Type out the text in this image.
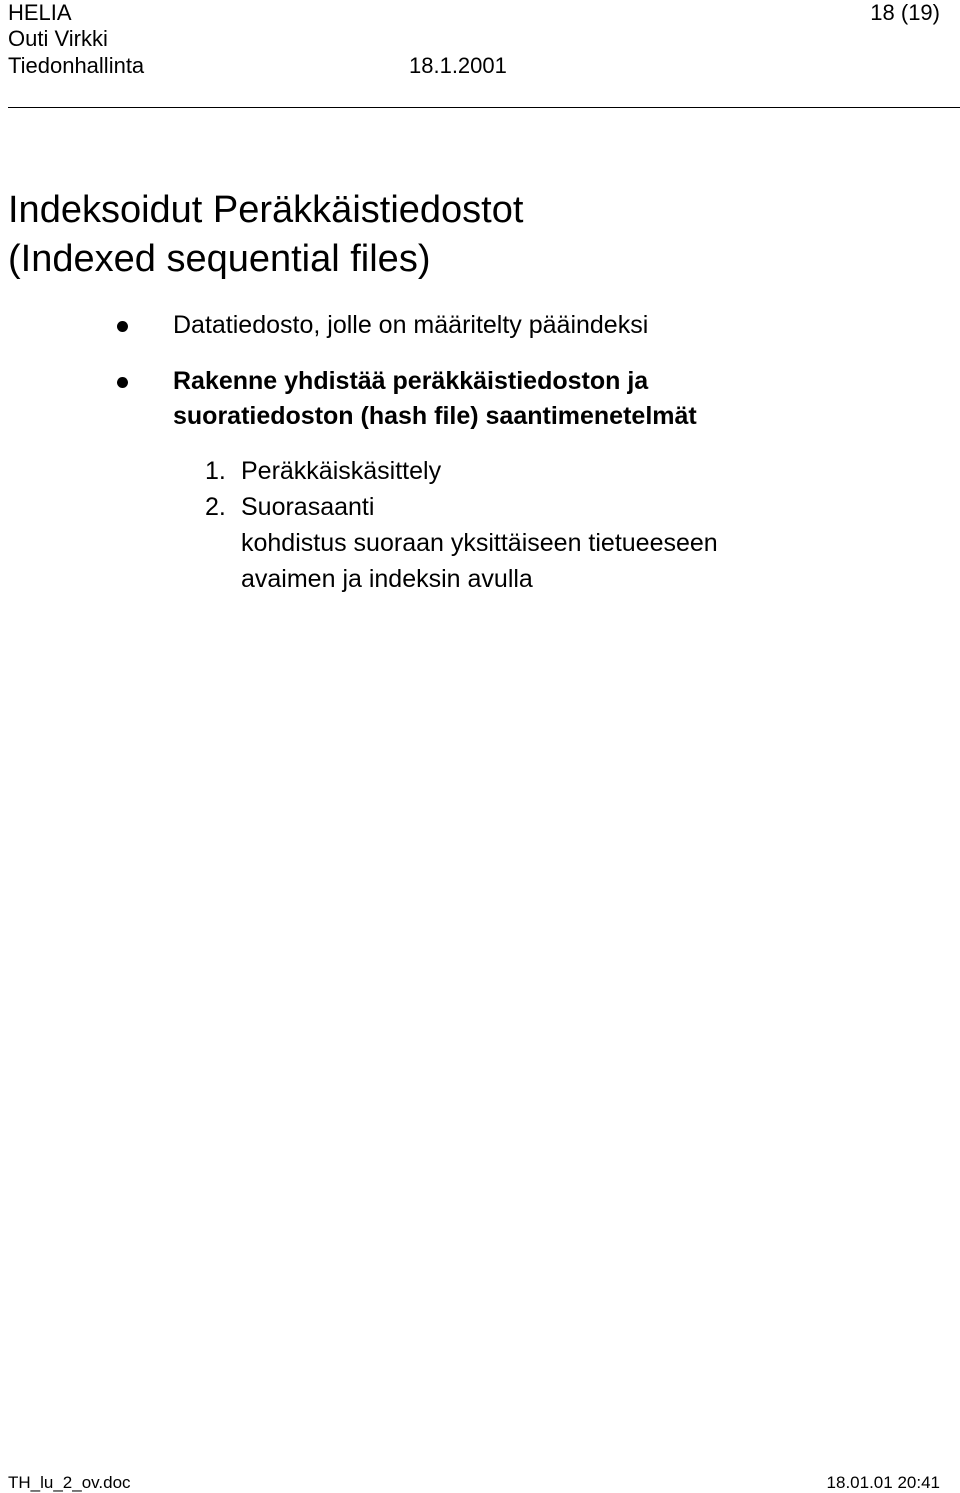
HELIA	18 (19)
Outi Virkki
Tiedonhallinta	18.1.2001
Indeksoidut Peräkkäistiedostot
(Indexed sequential files)
Datatiedosto, jolle on määritelty pääindeksi
Rakenne yhdistää peräkkäistiedoston ja
suoratiedoston (hash file) saantimenetelmät
1. Peräkkäiskäsittely
2. Suorasaanti
kohdistus suoraan yksittäiseen tietueeseen
avaimen ja indeksin avulla
TH_lu_2_ov.doc	18.01.01 20:41
